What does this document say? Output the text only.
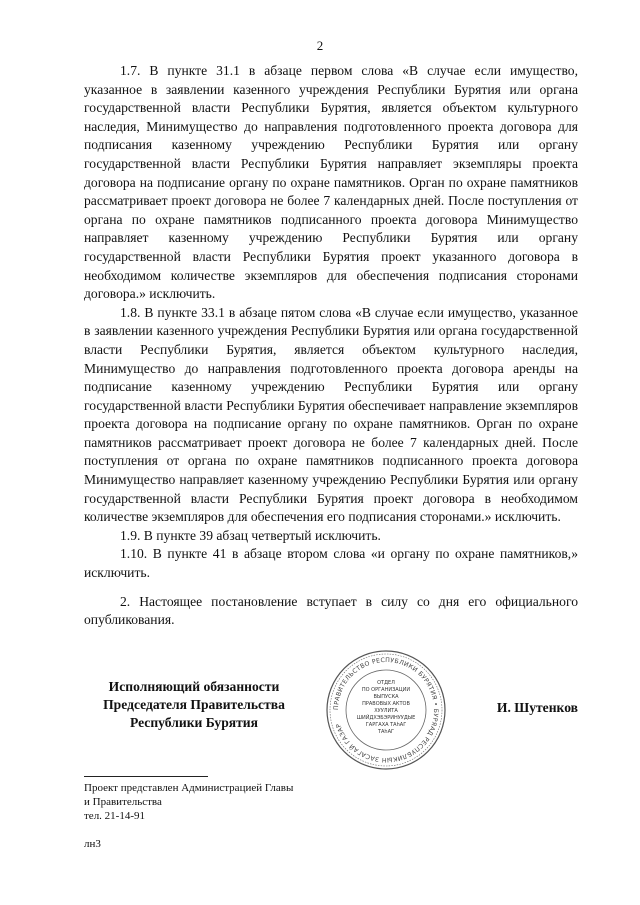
2

1.7. В пункте 31.1 в абзаце первом слова «В случае если имущество, указанное в заявлении казенного учреждения Республики Бурятия или органа государственной власти Республики Бурятия, является объектом культурного наследия, Минимущество до направления подготовленного проекта договора для подписания казенному учреждению Республики Бурятия или органу государственной власти Республики Бурятия направляет экземпляры проекта договора на подписание органу по охране памятников. Орган по охране памятников рассматривает проект договора не более 7 календарных дней. После поступления от органа по охране памятников подписанного проекта договора Минимущество направляет казенному учреждению Республики Бурятия или органу государственной власти Республики Бурятия проект указанного договора в необходимом количестве экземпляров для обеспечения подписания сторонами договора.» исключить.

1.8. В пункте 33.1 в абзаце пятом слова «В случае если имущество, указанное в заявлении казенного учреждения Республики Бурятия или органа государственной власти Республики Бурятия, является объектом культурного наследия, Минимущество до направления подготовленного проекта договора аренды на подписание казенному учреждению Республики Бурятия или органу государственной власти Республики Бурятия обеспечивает направление экземпляров проекта договора на подписание органу по охране памятников. Орган по охране памятников рассматривает проект договора не более 7 календарных дней. После поступления от органа по охране памятников подписанного проекта договора Минимущество направляет казенному учреждению Республики Бурятия или органу государственной власти Республики Бурятия проект договора в необходимом количестве экземпляров для обеспечения его подписания сторонами.» исключить.

1.9. В пункте 39 абзац четвертый исключить.

1.10. В пункте 41 в абзаце втором слова «и органу по охране памятников,» исключить.

2. Настоящее постановление вступает в силу со дня его официального опубликования.

Исполняющий обязанности
Председателя Правительства
Республики Бурятия
И. Шутенков
ПРАВИТЕЛЬСТВО РЕСПУБЛИКИ БУРЯТИЯ • БУРЯАД РЕСПУБЛИКЫН ЗАСАГАЙ ГАЗАР
ОТДЕЛ
ПО ОРГАНИЗАЦИИ
ВЫПУСКА
ПРАВОВЫХ АКТОВ
ХУУЛИТА
ШИЙДХЭБЭРИНУУДЫЕ
ГАРГАХА ТАһАГ
ТАһАГ
Проект представлен Администрацией Главы
и Правительства
тел. 21-14-91
лн3
